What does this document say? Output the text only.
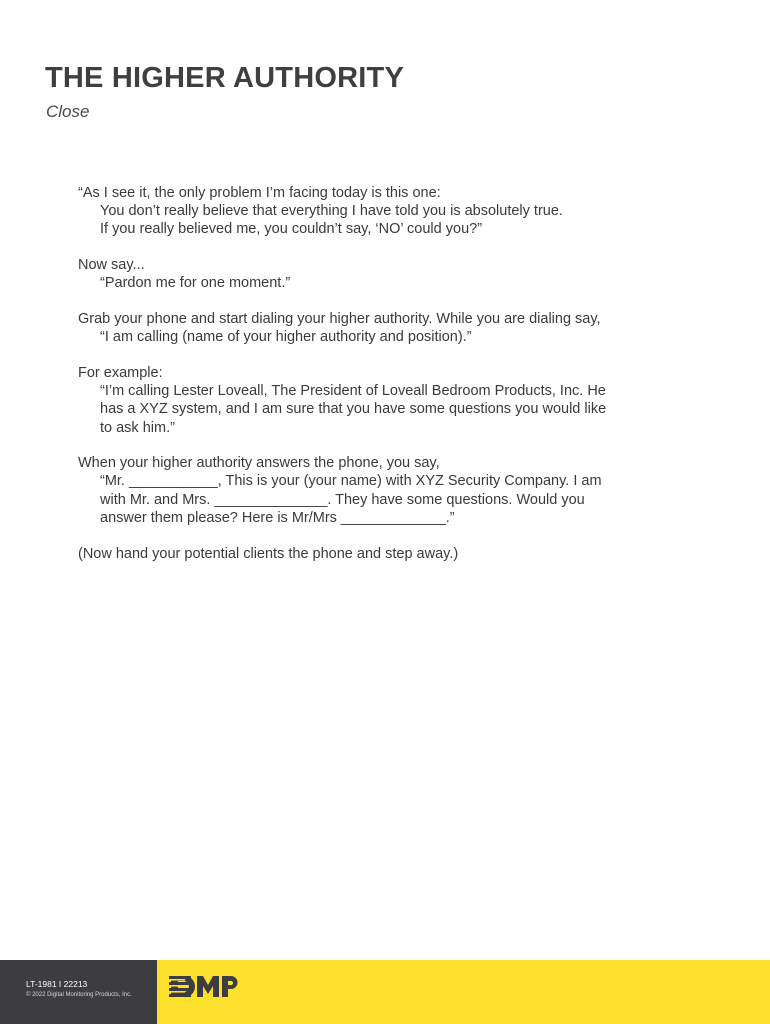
THE HIGHER AUTHORITY

Close

“As I see it, the only problem I’m facing today is this one:
You don’t really believe that everything I have told you is absolutely true.
If you really believed me, you couldn’t say, ‘NO’ could you?”

Now say...
“Pardon me for one moment.”

Grab your phone and start dialing your higher authority. While you are dialing say,
“I am calling (name of your higher authority and position).”

For example:
“I’m calling Lester Loveall, The President of Loveall Bedroom Products, Inc. He
has a XYZ system, and I am sure that you have some questions you would like
to ask him.”

When your higher authority answers the phone, you say,
“Mr. ___________, This is your (your name) with XYZ Security Company. I am
with Mr. and Mrs. ______________. They have some questions. Would you
answer them please? Here is Mr/Mrs _____________.”

(Now hand your potential clients the phone and step away.)

LT-1981 I 22213
© 2022 Digital Monitoring Products, Inc.
